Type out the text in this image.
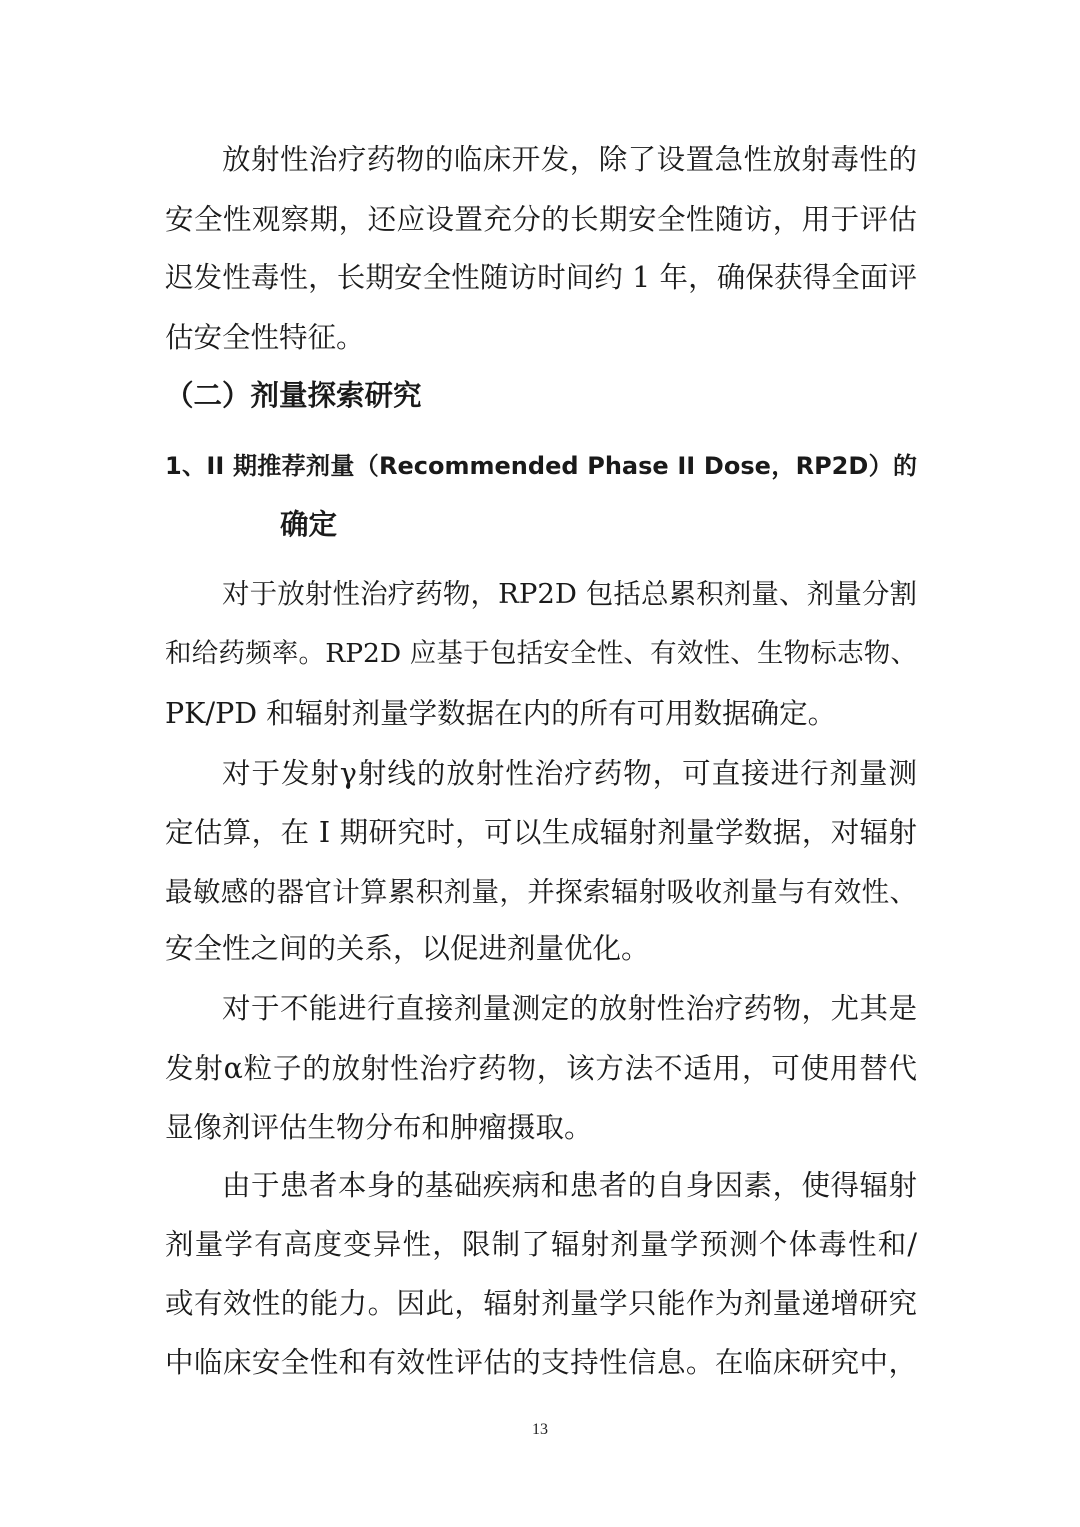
放射性治疗药物的临床开发，除了设置急性放射毒性的
安全性观察期，还应设置充分的长期安全性随访，用于评估
迟发性毒性，长期安全性随访时间约 1 年，确保获得全面评
估安全性特征。
（二）剂量探索研究
1、II 期推荐剂量（Recommended Phase II Dose，RP2D）的
确定
对于放射性治疗药物，RP2D 包括总累积剂量、剂量分割
和给药频率。RP2D 应基于包括安全性、有效性、生物标志物、
PK/PD 和辐射剂量学数据在内的所有可用数据确定。
对于发射γ射线的放射性治疗药物，可直接进行剂量测
定估算，在 I 期研究时，可以生成辐射剂量学数据，对辐射
最敏感的器官计算累积剂量，并探索辐射吸收剂量与有效性、
安全性之间的关系，以促进剂量优化。
对于不能进行直接剂量测定的放射性治疗药物，尤其是
发射α粒子的放射性治疗药物，该方法不适用，可使用替代
显像剂评估生物分布和肿瘤摄取。
由于患者本身的基础疾病和患者的自身因素，使得辐射
剂量学有高度变异性，限制了辐射剂量学预测个体毒性和/
或有效性的能力。因此，辐射剂量学只能作为剂量递增研究
中临床安全性和有效性评估的支持性信息。在临床研究中，
13
